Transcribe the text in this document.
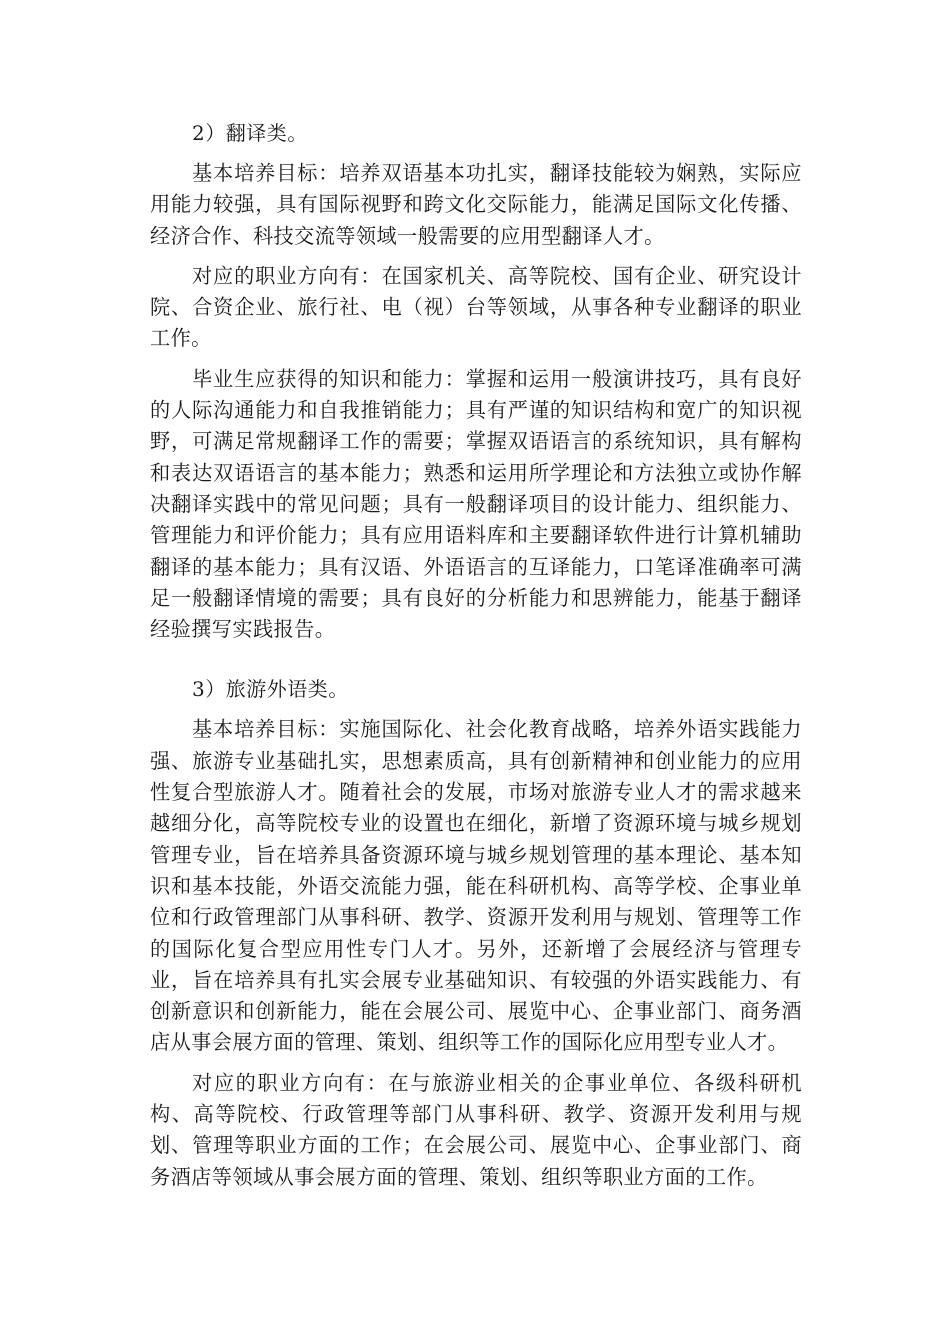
2）翻译类。

基本培养目标：培养双语基本功扎实，翻译技能较为娴熟，实际应用能力较强，具有国际视野和跨文化交际能力，能满足国际文化传播、经济合作、科技交流等领域一般需要的应用型翻译人才。

对应的职业方向有：在国家机关、高等院校、国有企业、研究设计院、合资企业、旅行社、电（视）台等领域，从事各种专业翻译的职业工作。

毕业生应获得的知识和能力：掌握和运用一般演讲技巧，具有良好的人际沟通能力和自我推销能力；具有严谨的知识结构和宽广的知识视野，可满足常规翻译工作的需要；掌握双语语言的系统知识，具有解构和表达双语语言的基本能力；熟悉和运用所学理论和方法独立或协作解决翻译实践中的常见问题；具有一般翻译项目的设计能力、组织能力、管理能力和评价能力；具有应用语料库和主要翻译软件进行计算机辅助翻译的基本能力；具有汉语、外语语言的互译能力，口笔译准确率可满足一般翻译情境的需要；具有良好的分析能力和思辨能力，能基于翻译经验撰写实践报告。

3）旅游外语类。

基本培养目标：实施国际化、社会化教育战略，培养外语实践能力强、旅游专业基础扎实，思想素质高，具有创新精神和创业能力的应用性复合型旅游人才。随着社会的发展，市场对旅游专业人才的需求越来越细分化，高等院校专业的设置也在细化，新增了资源环境与城乡规划管理专业，旨在培养具备资源环境与城乡规划管理的基本理论、基本知识和基本技能，外语交流能力强，能在科研机构、高等学校、企事业单位和行政管理部门从事科研、教学、资源开发利用与规划、管理等工作的国际化复合型应用性专门人才。另外，还新增了会展经济与管理专业，旨在培养具有扎实会展专业基础知识、有较强的外语实践能力、有创新意识和创新能力，能在会展公司、展览中心、企事业部门、商务酒店从事会展方面的管理、策划、组织等工作的国际化应用型专业人才。

对应的职业方向有：在与旅游业相关的企事业单位、各级科研机构、高等院校、行政管理等部门从事科研、教学、资源开发利用与规划、管理等职业方面的工作；在会展公司、展览中心、企事业部门、商务酒店等领域从事会展方面的管理、策划、组织等职业方面的工作。
